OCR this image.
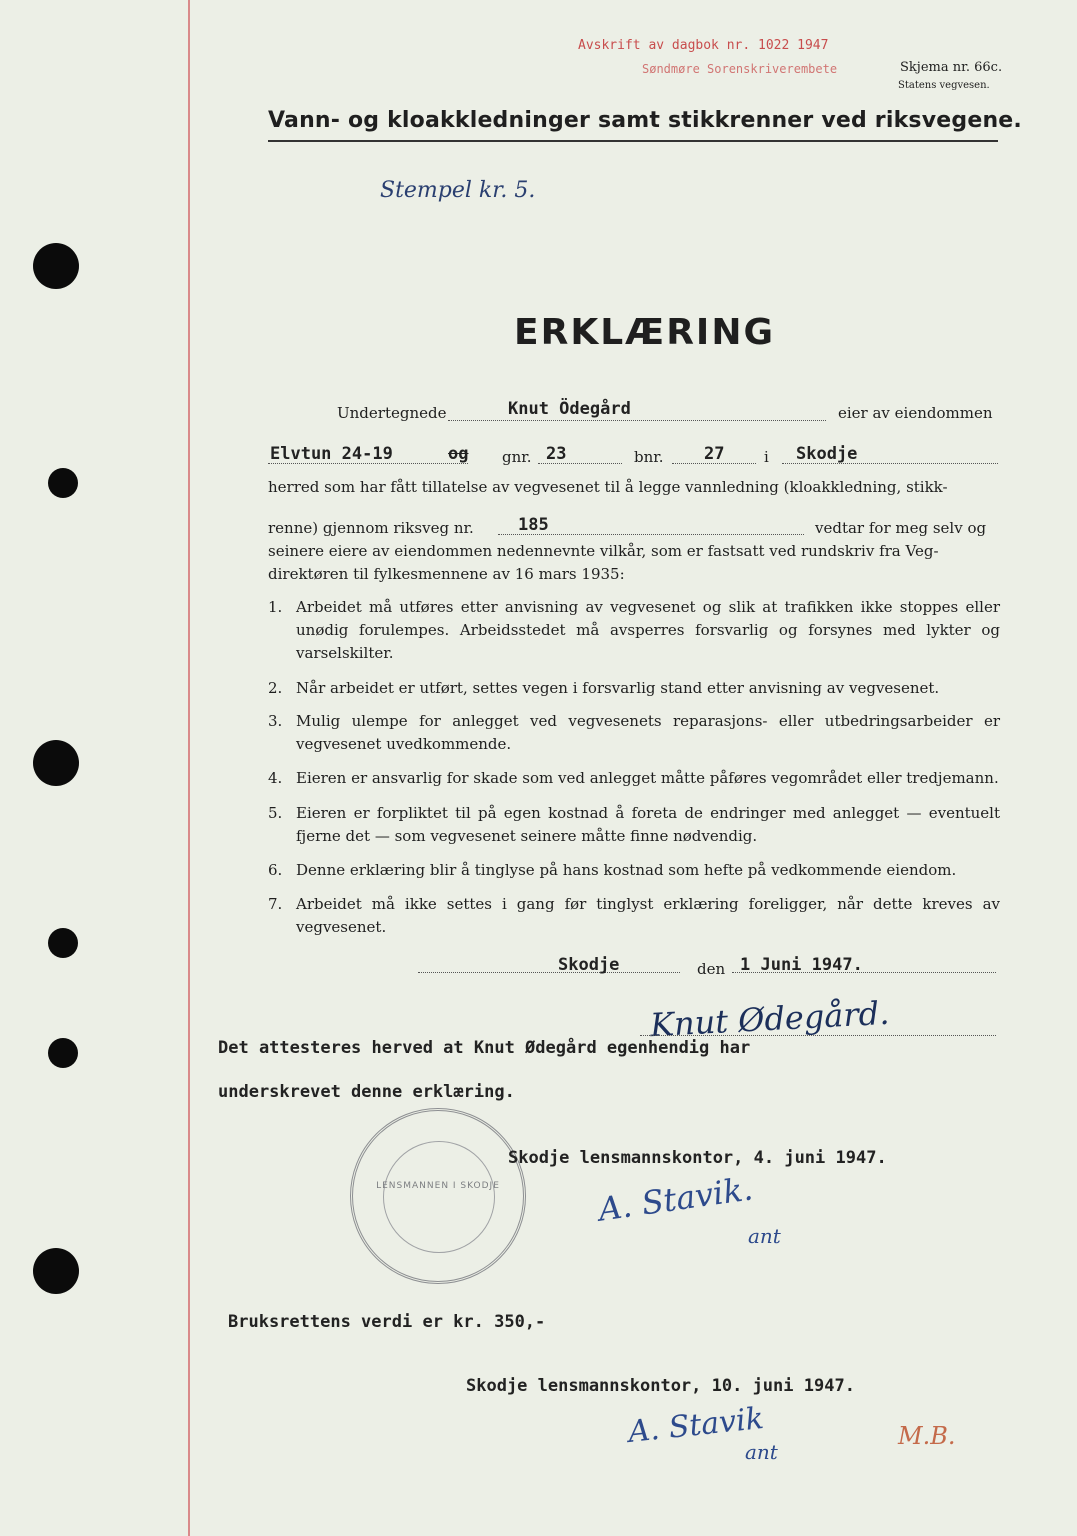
Avskrift av dagbok nr. 1022 1947
Søndmøre Sorenskriverembete	Skjema nr. 66c.
Statens vegvesen.
Vann- og kloakkledninger samt stikkrenner ved riksvegene.
Stempel kr. 5.
ERKLÆRING
Undertegnede	Knut Ödegård	eier av eiendommen
Elvtun 24-19	og gnr. 23	bnr. 27	i Skodje
herred som har fått tillatelse av vegvesenet til å legge vannledning (kloakkledning, stikk-
renne) gjennom riksveg nr.	185	vedtar for meg selv og
seinere eiere av eiendommen nedennevnte vilkår, som er fastsatt ved rundskriv fra Veg-
direktøren til fylkesmennene av 16 mars 1935:
1. Arbeidet må utføres etter anvisning av vegvesenet og slik at trafikken ikke stoppes eller unødig forulempes. Arbeidsstedet må avsperres forsvarlig og forsynes med lykter og varselskilter.
2. Når arbeidet er utført, settes vegen i forsvarlig stand etter anvisning av vegvesenet.
3. Mulig ulempe for anlegget ved vegvesenets reparasjons- eller utbedringsarbeider er vegvesenet uvedkommende.
4. Eieren er ansvarlig for skade som ved anlegget måtte påføres vegområdet eller tredjemann.
5. Eieren er forpliktet til på egen kostnad å foreta de endringer med anlegget — eventuelt fjerne det — som vegvesenet seinere måtte finne nødvendig.
6. Denne erklæring blir å tinglyse på hans kostnad som hefte på vedkommende eiendom.
7. Arbeidet må ikke settes i gang før tinglyst erklæring foreligger, når dette kreves av vegvesenet.
Skodje	den 1 Juni 1947.
Knut Ødegård.
Det attesteres herved at Knut Ødegård egenhendig har
underskrevet denne erklæring.
LENSMANNEN I SKODJE
Skodje lensmannskontor, 4. juni 1947.
A. Stavik.
ant
Bruksrettens verdi er kr. 350,-
Skodje lensmannskontor, 10. juni 1947.
A. Stavik
ant
M.B.
